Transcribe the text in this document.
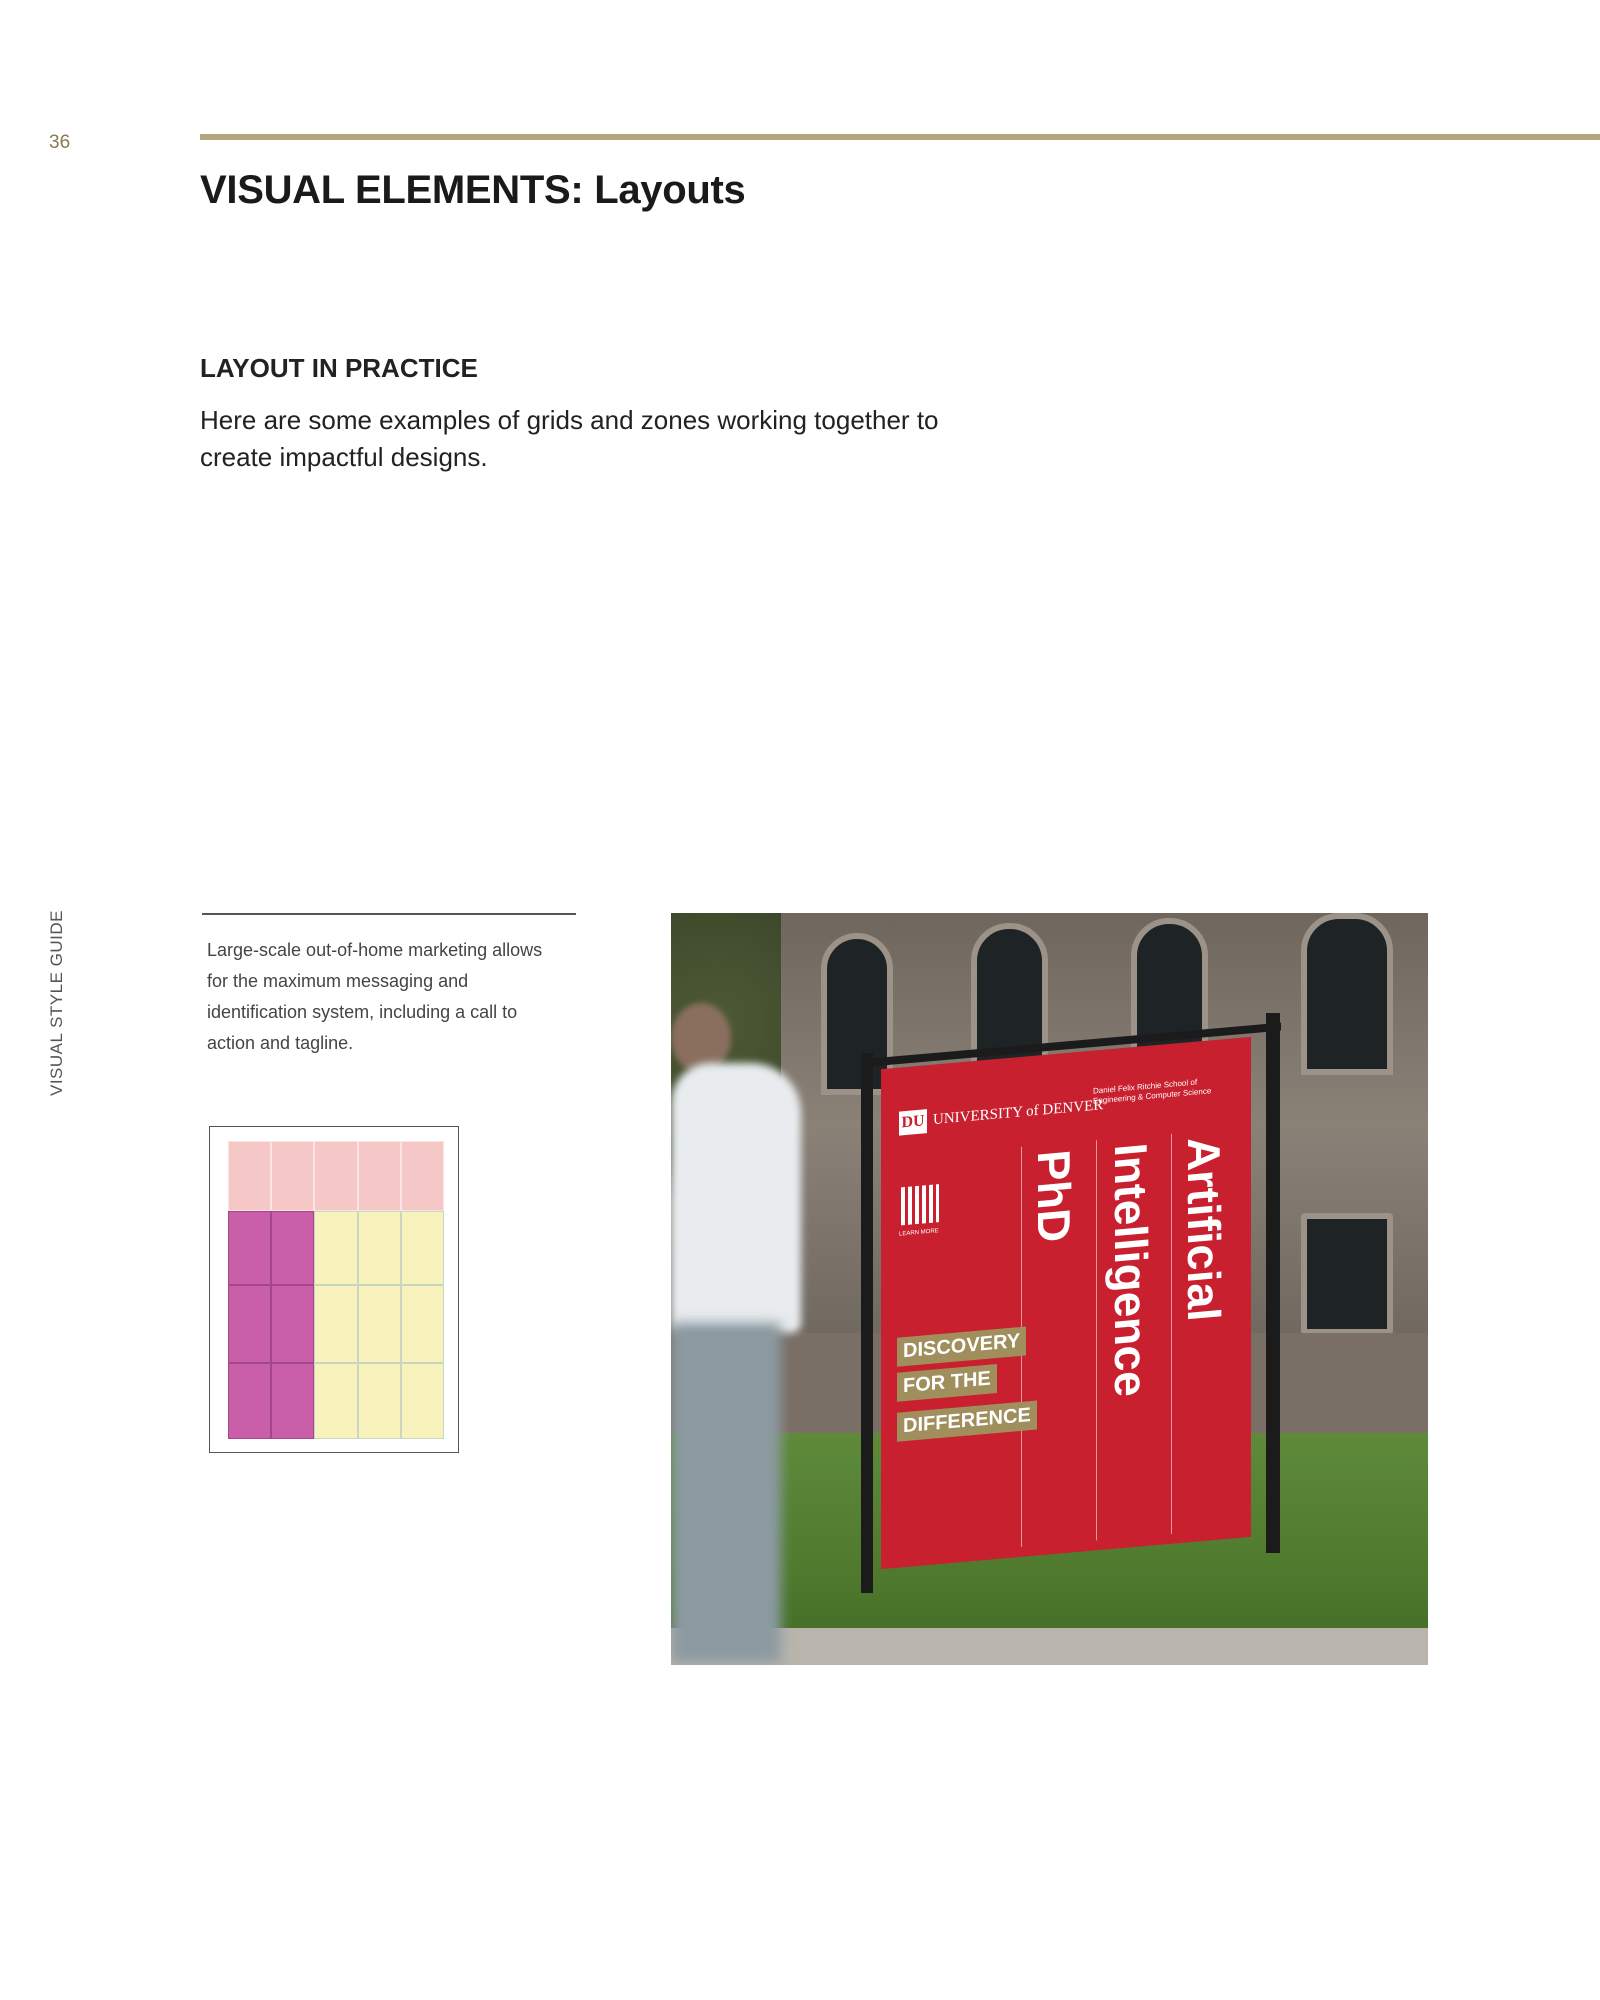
36
VISUAL ELEMENTS: Layouts
LAYOUT IN PRACTICE
Here are some examples of grids and zones working together to create impactful designs.
VISUAL STYLE GUIDE	Large-scale out-of-home marketing allows for the maximum messaging and identification system, including a call to action and tagline.
DU UNIVERSITY of DENVER
Daniel Felix Ritchie School of Engineering & Computer Science
LEARN MORE	Artificial
Intelligence
PhD
DISCOVERY
FOR THE
DIFFERENCE
